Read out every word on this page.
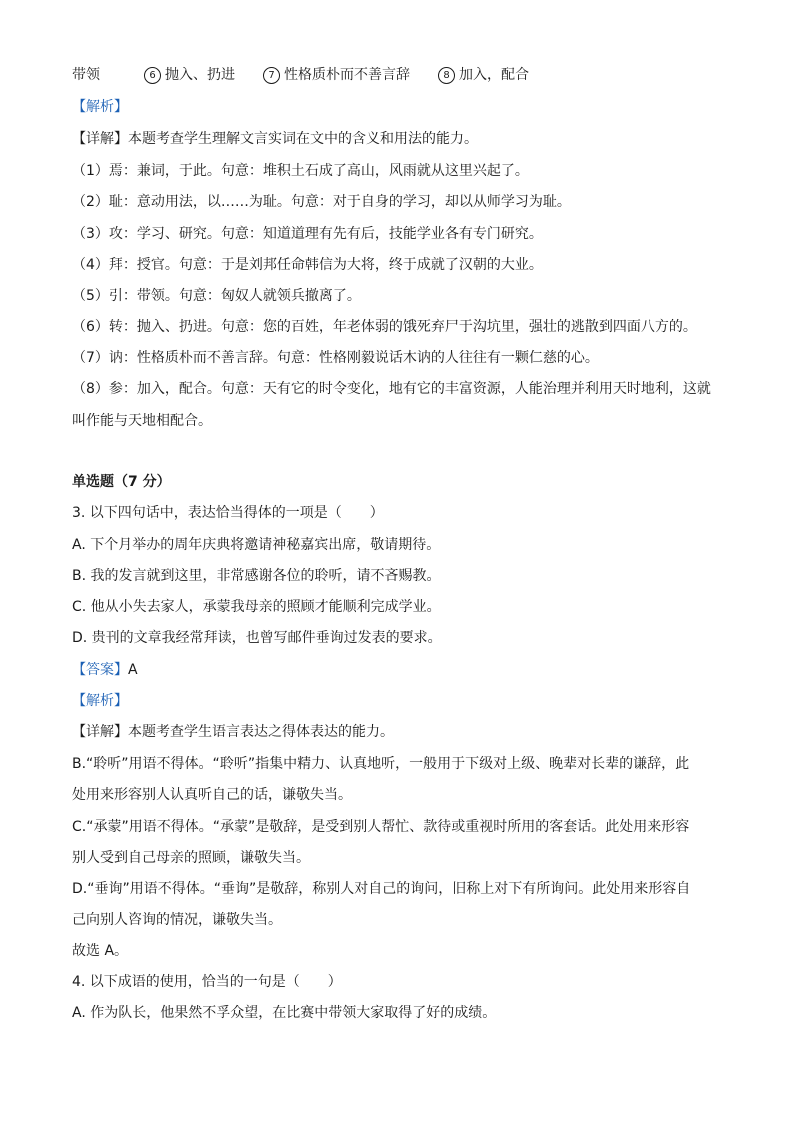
带领	6 抛入、扔进	7 性格质朴而不善言辞	8 加入，配合
【解析】
【详解】本题考查学生理解文言实词在文中的含义和用法的能力。
（1）焉：兼词，于此。句意：堆积土石成了高山，风雨就从这里兴起了。
（2）耻：意动用法，以……为耻。句意：对于自身的学习，却以从师学习为耻。
（3）攻：学习、研究。句意：知道道理有先有后，技能学业各有专门研究。
（4）拜：授官。句意：于是刘邦任命韩信为大将，终于成就了汉朝的大业。
（5）引：带领。句意：匈奴人就领兵撤离了。
（6）转：抛入、扔进。句意：您的百姓，年老体弱的饿死弃尸于沟坑里，强壮的逃散到四面八方的。
（7）讷：性格质朴而不善言辞。句意：性格刚毅说话木讷的人往往有一颗仁慈的心。
（8）参：加入，配合。句意：天有它的时令变化，地有它的丰富资源，人能治理并利用天时地利，这就
叫作能与天地相配合。
单选题（7 分）
3. 以下四句话中，表达恰当得体的一项是（　　）
A. 下个月举办的周年庆典将邀请神秘嘉宾出席，敬请期待。
B. 我的发言就到这里，非常感谢各位的聆听，请不吝赐教。
C. 他从小失去家人，承蒙我母亲的照顾才能顺利完成学业。
D. 贵刊的文章我经常拜读，也曾写邮件垂询过发表的要求。
【答案】A
【解析】
【详解】本题考查学生语言表达之得体表达的能力。
B.“聆听”用语不得体。“聆听”指集中精力、认真地听，一般用于下级对上级、晚辈对长辈的谦辞，此
处用来形容别人认真听自己的话，谦敬失当。
C.“承蒙”用语不得体。“承蒙”是敬辞，是受到别人帮忙、款待或重视时所用的客套话。此处用来形容
别人受到自己母亲的照顾，谦敬失当。
D.“垂询”用语不得体。“垂询”是敬辞，称别人对自己的询问，旧称上对下有所询问。此处用来形容自
己向别人咨询的情况，谦敬失当。
故选 A。
4. 以下成语的使用，恰当的一句是（　　）
A. 作为队长，他果然不孚众望，在比赛中带领大家取得了好的成绩。
